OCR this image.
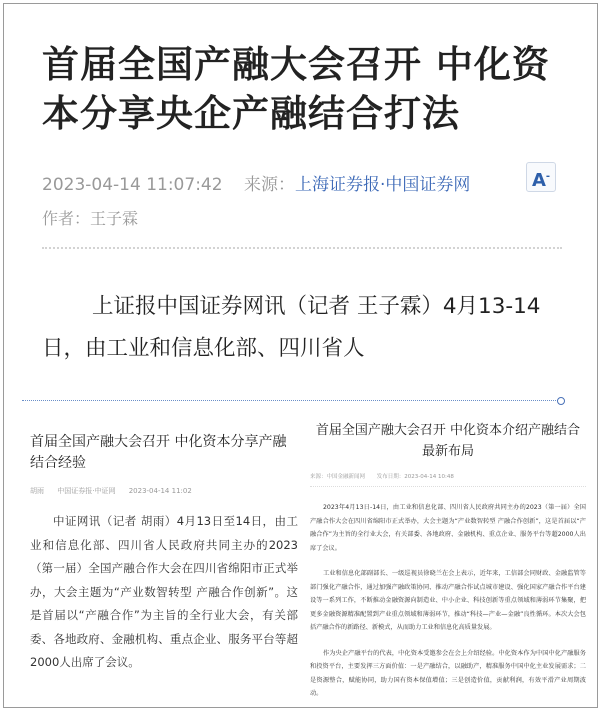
首届全国产融大会召开 中化资本分享央企产融结合打法
2023-04-14 11:07:42 来源：上海证券报·中国证券网	A-
作者：王子霖
上证报中国证券网讯（记者 王子霖）4月13-14日，由工业和信息化部、四川省人
首届全国产融大会召开 中化资本分享产融结合经验
胡雨 中国证券报·中证网 2023-04-14 11:02
中证网讯（记者 胡雨）4月13日至14日，由工业和信息化部、四川省人民政府共同主办的2023（第一届）全国产融合作大会在四川省绵阳市正式举办，大会主题为“产业数智转型 产融合作创新”。这是首届以“产融合作”为主旨的全行业大会，有关部委、各地政府、金融机构、重点企业、服务平台等超2000人出席了会议。
首届全国产融大会召开 中化资本介绍产融结合最新布局
来源：中国金融新闻网 发布日期：2023-04-14 10:48

2023年4月13日-14日，由工业和信息化部、四川省人民政府共同主办的2023（第一届）全国产融合作大会在四川省绵阳市正式举办，大会主题为“产业数智转型 产融合作创新”，这是首届以“产融合作”为主旨的全行业大会，有关部委、各地政府、金融机构、重点企业、服务平台等超2000人出席了会议。

工业和信息化部副部长、一级巡视员徐晓兰在会上表示，近年来，工信部会同财政、金融监管等部门强化产融合作，通过加强产融政策协同、推动产融合作试点城市建设、强化国家产融合作平台建设等一系列工作，不断推动金融资源向制造业、中小企业、科技创新等重点领域和薄弱环节集聚，把更多金融资源精准配置到产业重点领域和薄弱环节，推动“科技—产业—金融”良性循环。本次大会包括产融合作的新路径、新模式，从而助力工业和信息化高质量发展。

作为央企产融平台的代表，中化资本受邀参会在会上介绍经验。中化资本作为中国中化产融服务和投资平台，主要发挥三方面价值：一是产融结合，以融助产，精准服务中国中化主业发展需求；二是资源整合，赋能协同，助力国有资本保值增值；三是创造价值，贡献利润，有效平滑产业周期波动。
